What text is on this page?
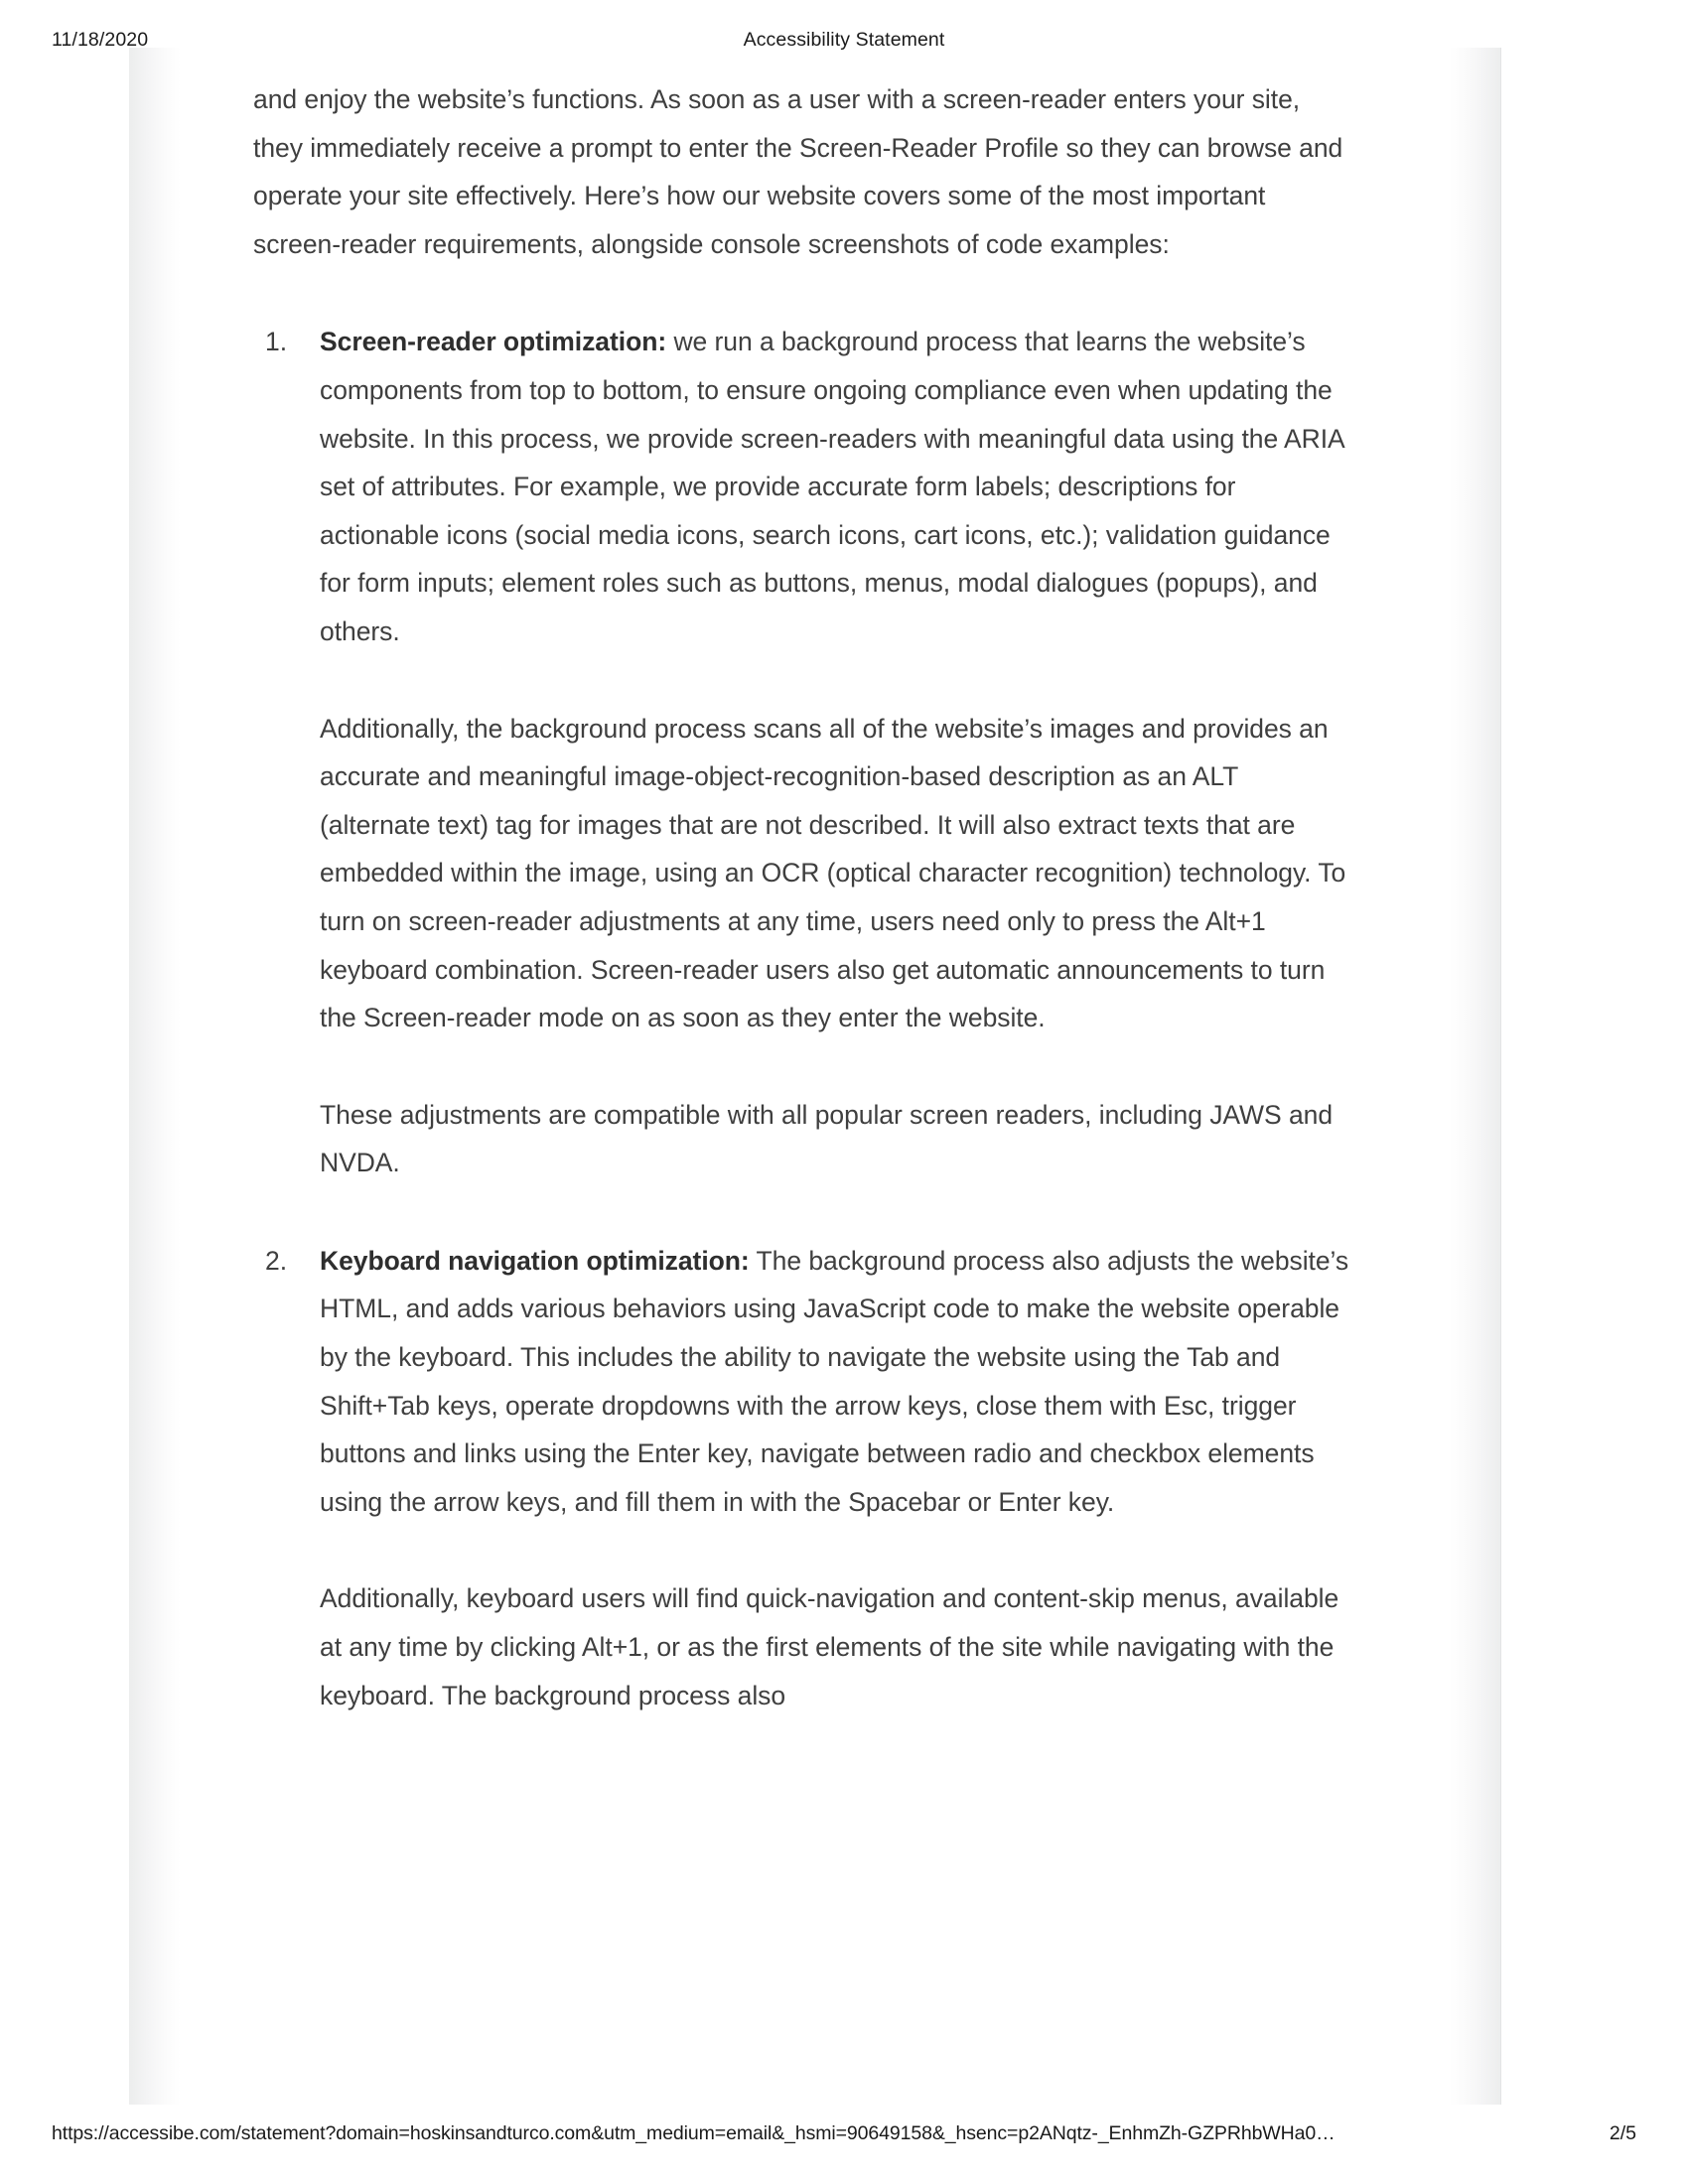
11/18/2020	Accessibility Statement

and enjoy the website’s functions. As soon as a user with a screen-reader enters your site, they immediately receive a prompt to enter the Screen-Reader Profile so they can browse and operate your site effectively. Here’s how our website covers some of the most important screen-reader requirements, alongside console screenshots of code examples:

1. Screen-reader optimization: we run a background process that learns the website’s components from top to bottom, to ensure ongoing compliance even when updating the website. In this process, we provide screen-readers with meaningful data using the ARIA set of attributes. For example, we provide accurate form labels; descriptions for actionable icons (social media icons, search icons, cart icons, etc.); validation guidance for form inputs; element roles such as buttons, menus, modal dialogues (popups), and others.

Additionally, the background process scans all of the website’s images and provides an accurate and meaningful image-object-recognition-based description as an ALT (alternate text) tag for images that are not described. It will also extract texts that are embedded within the image, using an OCR (optical character recognition) technology. To turn on screen-reader adjustments at any time, users need only to press the Alt+1 keyboard combination. Screen-reader users also get automatic announcements to turn the Screen-reader mode on as soon as they enter the website.

These adjustments are compatible with all popular screen readers, including JAWS and NVDA.

2. Keyboard navigation optimization: The background process also adjusts the website’s HTML, and adds various behaviors using JavaScript code to make the website operable by the keyboard. This includes the ability to navigate the website using the Tab and Shift+Tab keys, operate dropdowns with the arrow keys, close them with Esc, trigger buttons and links using the Enter key, navigate between radio and checkbox elements using the arrow keys, and fill them in with the Spacebar or Enter key.

Additionally, keyboard users will find quick-navigation and content-skip menus, available at any time by clicking Alt+1, or as the first elements of the site while navigating with the keyboard. The background process also

https://accessibe.com/statement?domain=hoskinsandturco.com&utm_medium=email&_hsmi=90649158&_hsenc=p2ANqtz-_EnhmZh-GZPRhbWHa0…	2/5
